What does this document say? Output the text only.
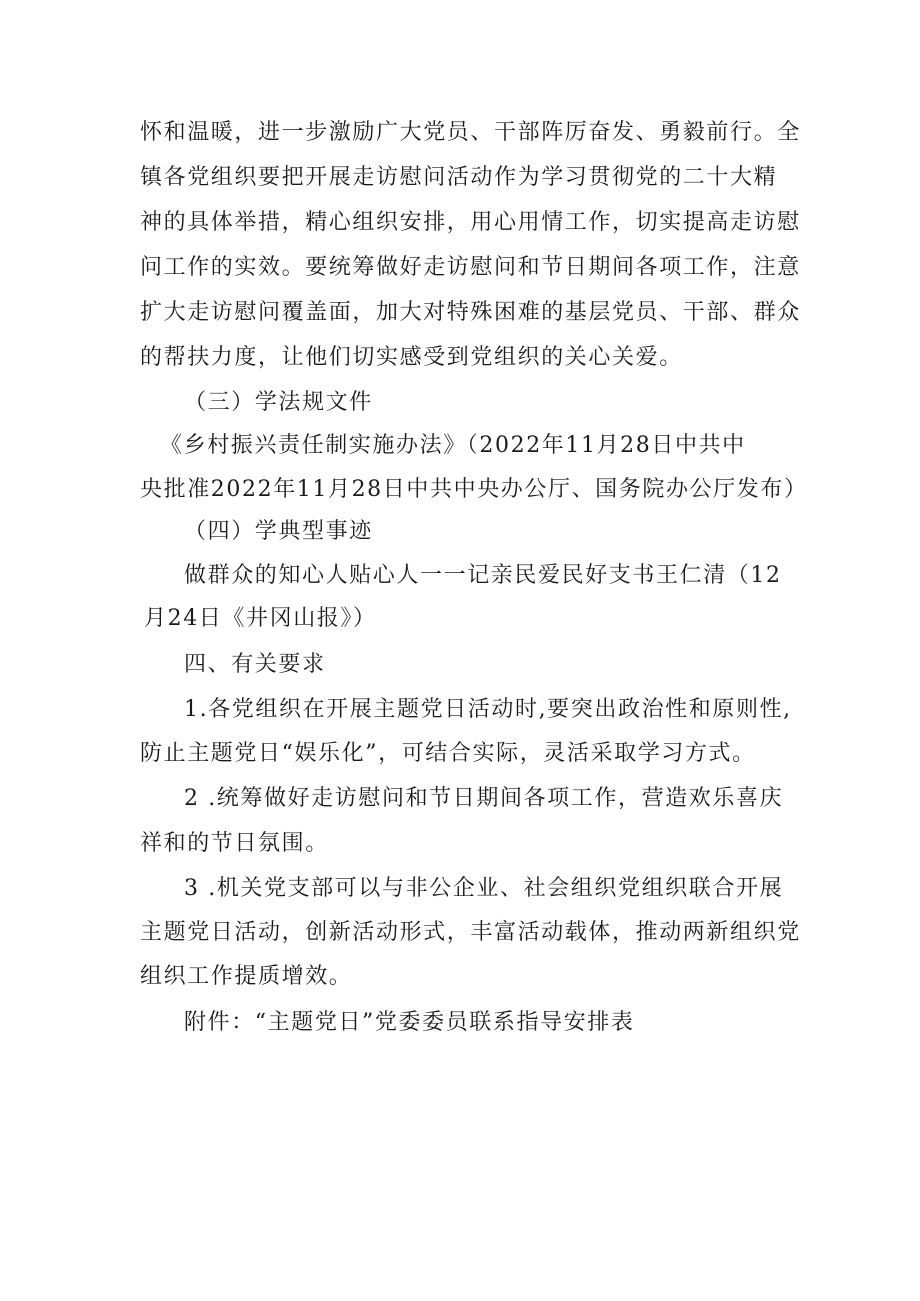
怀和温暖，进一步激励广大党员、干部阵厉奋发、勇毅前行。全
镇各党组织要把开展走访慰问活动作为学习贯彻党的二十大精
神的具体举措，精心组织安排，用心用情工作，切实提高走访慰
问工作的实效。要统筹做好走访慰问和节日期间各项工作，注意
扩大走访慰问覆盖面，加大对特殊困难的基层党员、干部、群众
的帮扶力度，让他们切实感受到党组织的关心关爱。
（三）学法规文件
《乡村振兴责任制实施办法》（2022年11月28日中共中
央批准2022年11月28日中共中央办公厅、国务院办公厅发布）
（四）学典型事迹
做群众的知心人贴心人一一记亲民爱民好支书王仁清（12
月24日《井冈山报》）
四、有关要求
1.各党组织在开展主题党日活动时,要突出政治性和原则性,
防止主题党日“娱乐化”，可结合实际，灵活采取学习方式。
2 .统筹做好走访慰问和节日期间各项工作，营造欢乐喜庆
祥和的节日氛围。
3 .机关党支部可以与非公企业、社会组织党组织联合开展
主题党日活动，创新活动形式，丰富活动载体，推动两新组织党
组织工作提质增效。
附件：“主题党日”党委委员联系指导安排表
